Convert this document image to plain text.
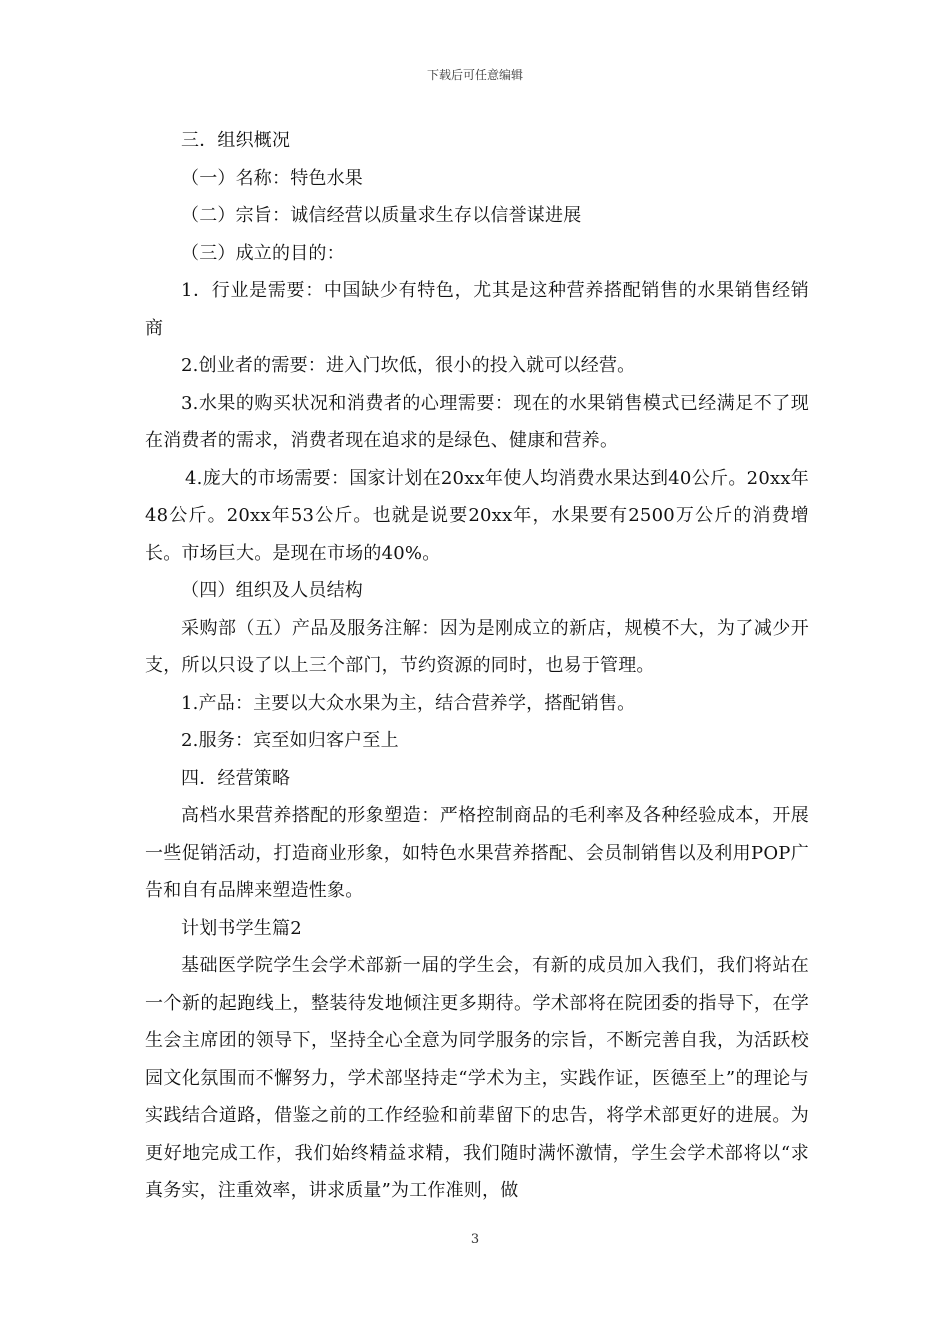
下载后可任意编辑

三．组织概况

（一）名称：特色水果

（二）宗旨：诚信经营以质量求生存以信誉谋进展

（三）成立的目的：

1．行业是需要：中国缺少有特色，尤其是这种营养搭配销售的水果销售经销商

2.创业者的需要：进入门坎低，很小的投入就可以经营。

3.水果的购买状况和消费者的心理需要：现在的水果销售模式已经满足不了现在消费者的需求，消费者现在追求的是绿色、健康和营养。

4.庞大的市场需要：国家计划在20xx年使人均消费水果达到40公斤。20xx年48公斤。20xx年53公斤。也就是说要20xx年，水果要有2500万公斤的消费增长。市场巨大。是现在市场的40%。

（四）组织及人员结构

采购部（五）产品及服务注解：因为是刚成立的新店，规模不大，为了减少开支，所以只设了以上三个部门，节约资源的同时，也易于管理。

1.产品：主要以大众水果为主，结合营养学，搭配销售。

2.服务：宾至如归客户至上

四．经营策略

高档水果营养搭配的形象塑造：严格控制商品的毛利率及各种经验成本，开展一些促销活动，打造商业形象，如特色水果营养搭配、会员制销售以及利用POP广告和自有品牌来塑造性象。

计划书学生篇2

基础医学院学生会学术部新一届的学生会，有新的成员加入我们，我们将站在一个新的起跑线上，整装待发地倾注更多期待。学术部将在院团委的指导下，在学生会主席团的领导下，坚持全心全意为同学服务的宗旨，不断完善自我，为活跃校园文化氛围而不懈努力，学术部坚持走“学术为主，实践作证，医德至上”的理论与实践结合道路，借鉴之前的工作经验和前辈留下的忠告，将学术部更好的进展。为更好地完成工作，我们始终精益求精，我们随时满怀激情，学生会学术部将以“求真务实，注重效率，讲求质量”为工作准则，做

3
